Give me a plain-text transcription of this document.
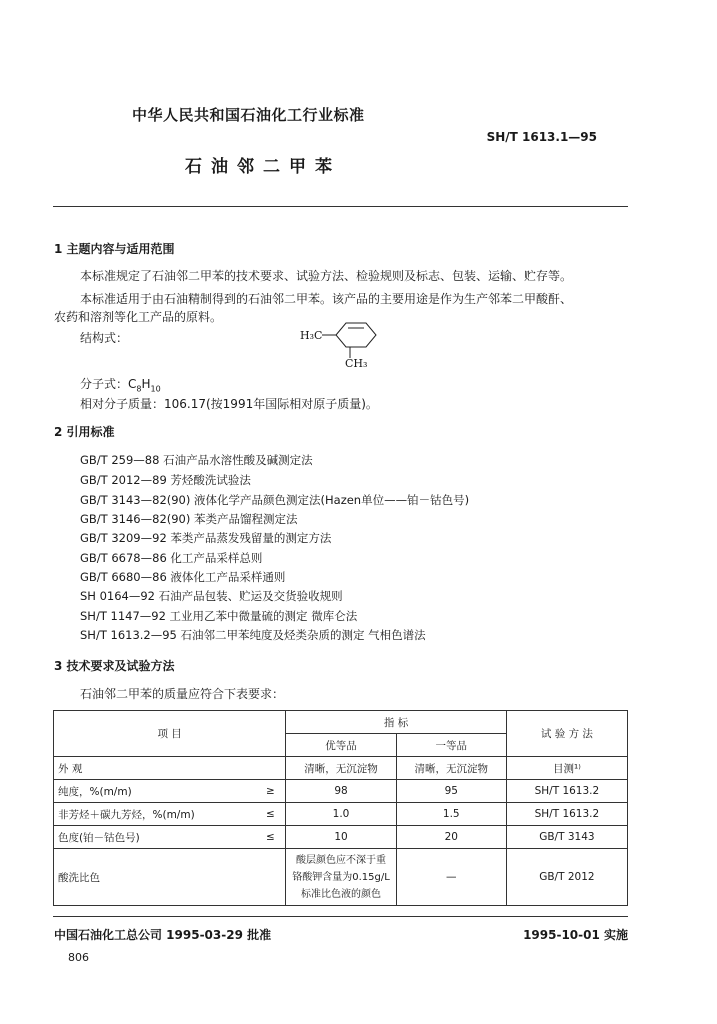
中华人民共和国石油化工行业标准
SH/T 1613.1—95
石油邻二甲苯
1 主题内容与适用范围
本标准规定了石油邻二甲苯的技术要求、试验方法、检验规则及标志、包装、运输、贮存等。
本标准适用于由石油精制得到的石油邻二甲苯。该产品的主要用途是作为生产邻苯二甲酸酐、
农药和溶剂等化工产品的原料。
结构式：	H₃C
CH₃
分子式：$C_8H_{10}$
相对分子质量：106.17(按1991年国际相对原子质量)。
2 引用标准
GB/T 259—88 石油产品水溶性酸及碱测定法
GB/T 2012—89 芳烃酸洗试验法
GB/T 3143—82(90) 液体化学产品颜色测定法(Hazen单位——铂－钴色号)
GB/T 3146—82(90) 苯类产品馏程测定法
GB/T 3209—92 苯类产品蒸发残留量的测定方法
GB/T 6678—86 化工产品采样总则
GB/T 6680—86 液体化工产品采样通则
SH 0164—92 石油产品包装、贮运及交货验收规则
SH/T 1147—92 工业用乙苯中微量硫的测定 微库仑法
SH/T 1613.2—95 石油邻二甲苯纯度及烃类杂质的测定 气相色谱法
3 技术要求及试验方法
石油邻二甲苯的质量应符合下表要求：
项 目		指 标		试 验 方 法
		优等品	一等品	
外 观		清晰，无沉淀物	清晰，无沉淀物	目测¹⁾
纯度，%(m/m)	≥	98	95	SH/T 1613.2
非芳烃＋碳九芳烃，%(m/m)	≤	1.0	1.5	SH/T 1613.2
色度(铂－钴色号)	≤	10	20	GB/T 3143
酸洗比色		酸层颜色应不深于重
铬酸钾含量为0.15g/L
标准比色液的颜色	—	GB/T 2012
中国石油化工总公司 1995-03-29 批准	1995-10-01 实施
806
